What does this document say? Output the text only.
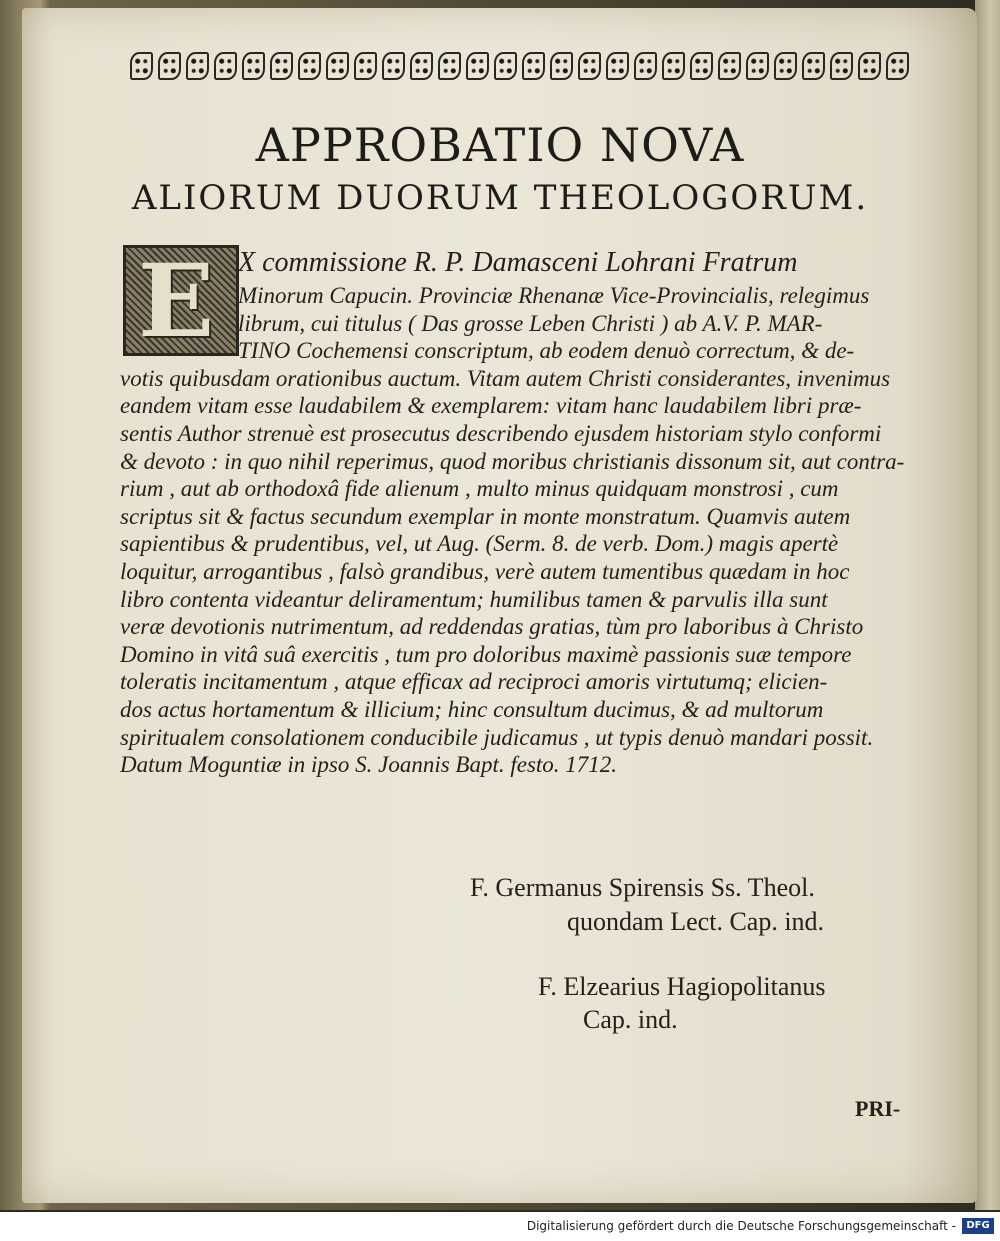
APPROBATIO NOVA
ALIORUM DUORUM THEOLOGORUM.
E X commissione R. P. Damasceni Lohrani Fratrum
Minorum Capucin. Provinciæ Rhenanæ Vice-Provincialis, relegimus
librum, cui titulus ( Das grosse Leben Christi ) ab A.V. P. MAR-
TINO Cochemensi conscriptum, ab eodem denuò correctum, & de-
votis quibusdam orationibus auctum. Vitam autem Christi considerantes, invenimus
eandem vitam esse laudabilem & exemplarem: vitam hanc laudabilem libri præ-
sentis Author strenuè est prosecutus describendo ejusdem historiam stylo conformi
& devoto : in quo nihil reperimus, quod moribus christianis dissonum sit, aut contra-
rium , aut ab orthodoxâ fide alienum , multo minus quidquam monstrosi , cum
scriptus sit & factus secundum exemplar in monte monstratum. Quamvis autem
sapientibus & prudentibus, vel, ut Aug. (Serm. 8. de verb. Dom.) magis apertè
loquitur, arrogantibus , falsò grandibus, verè autem tumentibus quædam in hoc
libro contenta videantur deliramentum; humilibus tamen & parvulis illa sunt
veræ devotionis nutrimentum, ad reddendas gratias, tùm pro laboribus à Christo
Domino in vitâ suâ exercitis , tum pro doloribus maximè passionis suæ tempore
toleratis incitamentum , atque efficax ad reciproci amoris virtutumq; elicien-
dos actus hortamentum & illicium; hinc consultum ducimus, & ad multorum
spiritualem consolationem conducibile judicamus , ut typis denuò mandari possit.
Datum Moguntiæ in ipso S. Joannis Bapt. festo. 1712.
F. Germanus Spirensis Ss. Theol.
quondam Lect. Cap. ind.
F. Elzearius Hagiopolitanus
Cap. ind.
PRI-
Digitalisierung gefördert durch die Deutsche Forschungsgemeinschaft -	DFG
